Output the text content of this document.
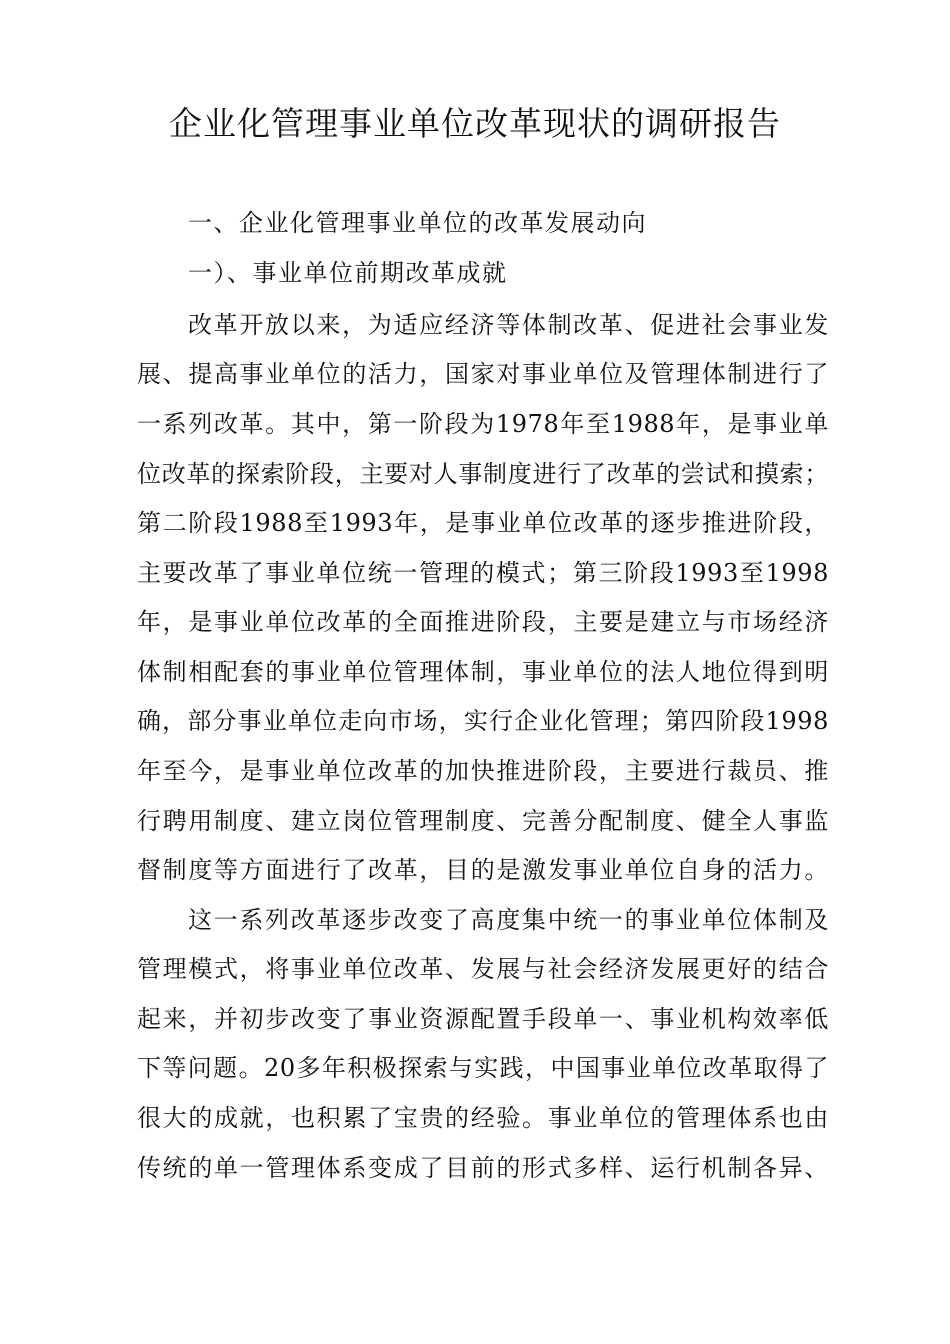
企业化管理事业单位改革现状的调研报告
一、企业化管理事业单位的改革发展动向
一）、事业单位前期改革成就
改革开放以来，为适应经济等体制改革、促进社会事业发
展、提高事业单位的活力，国家对事业单位及管理体制进行了
一系列改革。其中，第一阶段为1978年至1988年，是事业单
位改革的探索阶段，主要对人事制度进行了改革的尝试和摸索；
第二阶段1988至1993年，是事业单位改革的逐步推进阶段，
主要改革了事业单位统一管理的模式；第三阶段1993至1998
年，是事业单位改革的全面推进阶段，主要是建立与市场经济
体制相配套的事业单位管理体制，事业单位的法人地位得到明
确，部分事业单位走向市场，实行企业化管理；第四阶段1998
年至今，是事业单位改革的加快推进阶段，主要进行裁员、推
行聘用制度、建立岗位管理制度、完善分配制度、健全人事监
督制度等方面进行了改革，目的是激发事业单位自身的活力。
这一系列改革逐步改变了高度集中统一的事业单位体制及
管理模式，将事业单位改革、发展与社会经济发展更好的结合
起来，并初步改变了事业资源配置手段单一、事业机构效率低
下等问题。20多年积极探索与实践，中国事业单位改革取得了
很大的成就，也积累了宝贵的经验。事业单位的管理体系也由
传统的单一管理体系变成了目前的形式多样、运行机制各异、
